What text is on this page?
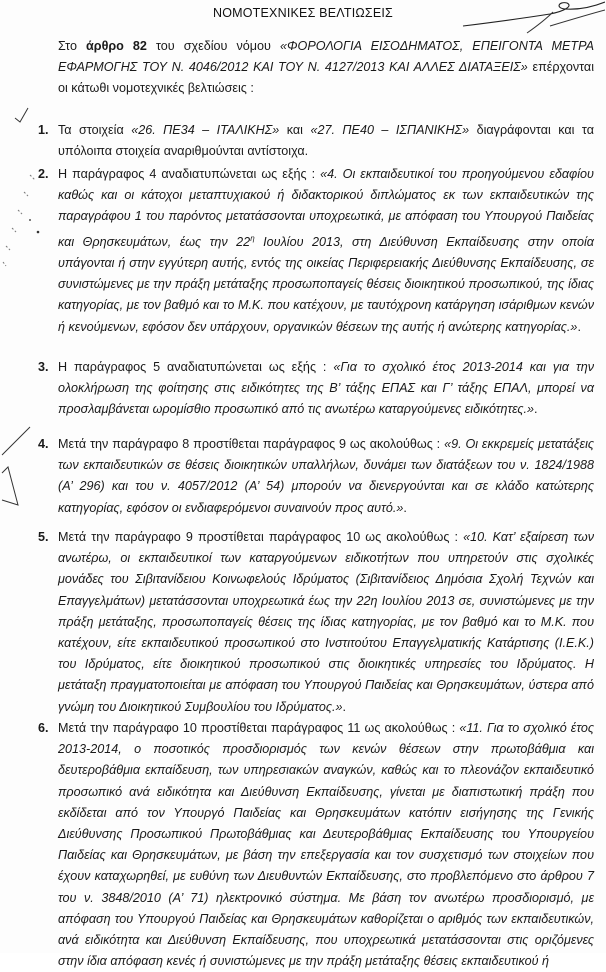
ΝΟΜΟΤΕΧΝΙΚΕΣ ΒΕΛΤΙΩΣΕΙΣ
Στο άρθρο 82 του σχεδίου νόμου «ΦΟΡΟΛΟΓΙΑ ΕΙΣΟΔΗΜΑΤΟΣ, ΕΠΕΙΓΟΝΤΑ ΜΕΤΡΑ ΕΦΑΡΜΟΓΗΣ ΤΟΥ Ν. 4046/2012 ΚΑΙ ΤΟΥ Ν. 4127/2013 ΚΑΙ ΑΛΛΕΣ ΔΙΑΤΑΞΕΙΣ» επέρχονται οι κάτωθι νομοτεχνικές βελτιώσεις :
1. Τα στοιχεία «26. ΠΕ34 – ΙΤΑΛΙΚΗΣ» και «27. ΠΕ40 – ΙΣΠΑΝΙΚΗΣ» διαγράφονται και τα υπόλοιπα στοιχεία αναριθμούνται αντίστοιχα.
2. Η παράγραφος 4 αναδιατυπώνεται ως εξής : «4. Οι εκπαιδευτικοί του προηγούμενου εδαφίου καθώς και οι κάτοχοι μεταπτυχιακού ή διδακτορικού διπλώματος εκ των εκπαιδευτικών της παραγράφου 1 του παρόντος μετατάσσονται υποχρεωτικά, με απόφαση του Υπουργού Παιδείας και Θρησκευμάτων, έως την $22^\eta$ Ιουλίου 2013, στη Διεύθυνση Εκπαίδευσης στην οποία υπάγονται ή στην εγγύτερη αυτής, εντός της οικείας Περιφερειακής Διεύθυνσης Εκπαίδευσης, σε συνιστώμενες με την πράξη μετάταξης προσωποπαγείς θέσεις διοικητικού προσωπικού, της ίδιας κατηγορίας, με τον βαθμό και το Μ.Κ. που κατέχουν, με ταυτόχρονη κατάργηση ισάριθμων κενών ή κενούμενων, εφόσον δεν υπάρχουν, οργανικών θέσεων της αυτής ή ανώτερης κατηγορίας.».
3. Η παράγραφος 5 αναδιατυπώνεται ως εξής : «Για το σχολικό έτος 2013-2014 και για την ολοκλήρωση της φοίτησης στις ειδικότητες της Β’ τάξης ΕΠΑΣ και Γ’ τάξης ΕΠΑΛ, μπορεί να προσλαμβάνεται ωρομίσθιο προσωπικό από τις ανωτέρω καταργούμενες ειδικότητες.».
4. Μετά την παράγραφο 8 προστίθεται παράγραφος 9 ως ακολούθως : «9. Οι εκκρεμείς μετατάξεις των εκπαιδευτικών σε θέσεις διοικητικών υπαλλήλων, δυνάμει των διατάξεων του ν. 1824/1988 (Α’ 296) και του ν. 4057/2012 (Α’ 54) μπορούν να διενεργούνται και σε κλάδο κατώτερης κατηγορίας, εφόσον οι ενδιαφερόμενοι συναινούν προς αυτό.».
5. Μετά την παράγραφο 9 προστίθεται παράγραφος 10 ως ακολούθως : «10. Κατ’ εξαίρεση των ανωτέρω, οι εκπαιδευτικοί των καταργούμενων ειδικοτήτων που υπηρετούν στις σχολικές μονάδες του Σιβιτανίδειου Κοινωφελούς Ιδρύματος (Σιβιτανίδειος Δημόσια Σχολή Τεχνών και Επαγγελμάτων) μετατάσσονται υποχρεωτικά έως την 22η Ιουλίου 2013 σε, συνιστώμενες με την πράξη μετάταξης, προσωποπαγείς θέσεις της ίδιας κατηγορίας, με τον βαθμό και το Μ.Κ. που κατέχουν, είτε εκπαιδευτικού προσωπικού στο Ινστιτούτου Επαγγελματικής Κατάρτισης (Ι.Ε.Κ.) του Ιδρύματος, είτε διοικητικού προσωπικού στις διοικητικές υπηρεσίες του Ιδρύματος. Η μετάταξη πραγματοποιείται με απόφαση του Υπουργού Παιδείας και Θρησκευμάτων, ύστερα από γνώμη του Διοικητικού Συμβουλίου του Ιδρύματος.».
6. Μετά την παράγραφο 10 προστίθεται παράγραφος 11 ως ακολούθως : «11. Για το σχολικό έτος 2013-2014, ο ποσοτικός προσδιορισμός των κενών θέσεων στην πρωτοβάθμια και δευτεροβάθμια εκπαίδευση, των υπηρεσιακών αναγκών, καθώς και το πλεονάζον εκπαιδευτικό προσωπικό ανά ειδικότητα και Διεύθυνση Εκπαίδευσης, γίνεται με διαπιστωτική πράξη που εκδίδεται από τον Υπουργό Παιδείας και Θρησκευμάτων κατόπιν εισήγησης της Γενικής Διεύθυνσης Προσωπικού Πρωτοβάθμιας και Δευτεροβάθμιας Εκπαίδευσης του Υπουργείου Παιδείας και Θρησκευμάτων, με βάση την επεξεργασία και τον συσχετισμό των στοιχείων που έχουν καταχωρηθεί, με ευθύνη των Διευθυντών Εκπαίδευσης, στο προβλεπόμενο στο άρθρου 7 του ν. 3848/2010 (Α’ 71) ηλεκτρονικό σύστημα. Με βάση τον ανωτέρω προσδιορισμό, με απόφαση του Υπουργού Παιδείας και Θρησκευμάτων καθορίζεται ο αριθμός των εκπαιδευτικών, ανά ειδικότητα και Διεύθυνση Εκπαίδευσης, που υποχρεωτικά μετατάσσονται στις οριζόμενες στην ίδια απόφαση κενές ή συνιστώμενες με την πράξη μετάταξης θέσεις εκπαιδευτικού ή
